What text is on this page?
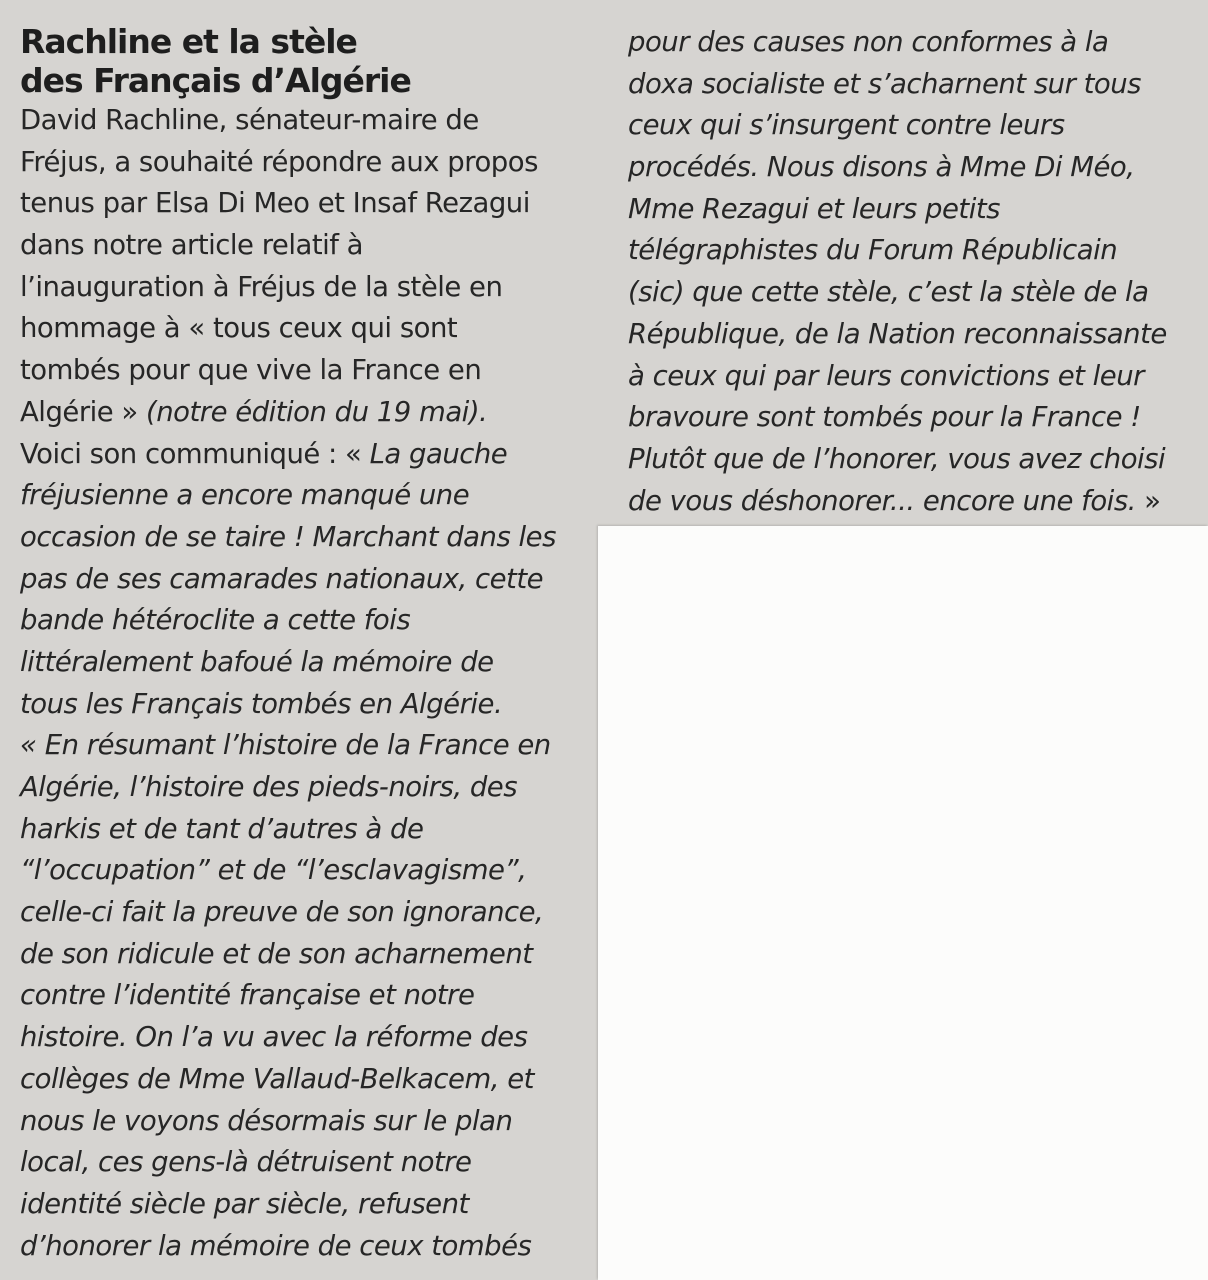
Rachline et la stèle
des Français d’Algérie
David Rachline, sénateur-maire de
Fréjus, a souhaité répondre aux propos
tenus par Elsa Di Meo et Insaf Rezagui
dans notre article relatif à
l’inauguration à Fréjus de la stèle en
hommage à « tous ceux qui sont
tombés pour que vive la France en
Algérie » (notre édition du 19 mai).
Voici son communiqué : « La gauche
fréjusienne a encore manqué une
occasion de se taire ! Marchant dans les
pas de ses camarades nationaux, cette
bande hétéroclite a cette fois
littéralement bafoué la mémoire de
tous les Français tombés en Algérie.
« En résumant l’histoire de la France en
Algérie, l’histoire des pieds-noirs, des
harkis et de tant d’autres à de
“l’occupation” et de “l’esclavagisme”,
celle-ci fait la preuve de son ignorance,
de son ridicule et de son acharnement
contre l’identité française et notre
histoire. On l’a vu avec la réforme des
collèges de Mme Vallaud-Belkacem, et
nous le voyons désormais sur le plan
local, ces gens-là détruisent notre
identité siècle par siècle, refusent
d’honorer la mémoire de ceux tombés
pour des causes non conformes à la
doxa socialiste et s’acharnent sur tous
ceux qui s’insurgent contre leurs
procédés. Nous disons à Mme Di Méo,
Mme Rezagui et leurs petits
télégraphistes du Forum Républicain
(sic) que cette stèle, c’est la stèle de la
République, de la Nation reconnaissante
à ceux qui par leurs convictions et leur
bravoure sont tombés pour la France !
Plutôt que de l’honorer, vous avez choisi
de vous déshonorer... encore une fois. »
